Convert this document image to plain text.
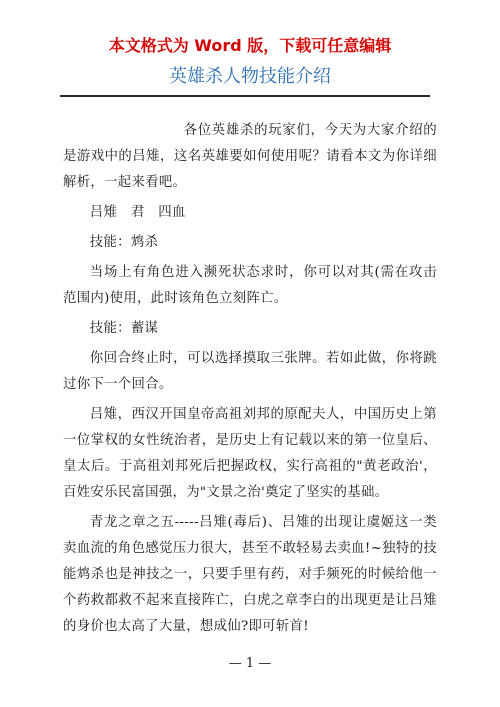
本文格式为 Word 版，下载可任意编辑
英雄杀人物技能介绍

各位英雄杀的玩家们，今天为大家介绍的是游戏中的吕雉，这名英雄要如何使用呢？请看本文为你详细解析，一起来看吧。

吕雉　君　四血

技能：鸩杀

当场上有角色进入濒死状态求时，你可以对其(需在攻击范围内)使用，此时该角色立刻阵亡。

技能：蓄谋

你回合终止时，可以选择摸取三张牌。若如此做，你将跳过你下一个回合。

吕雉，西汉开国皇帝高祖刘邦的原配夫人，中国历史上第一位掌权的女性统治者，是历史上有记载以来的第一位皇后、皇太后。于高祖刘邦死后把握政权，实行高祖的"黄老政治'，百姓安乐民富国强，为"文景之治'奠定了坚实的基础。

青龙之章之五-----吕雉(毒后)、吕雉的出现让虞姬这一类卖血流的角色感觉压力很大，甚至不敢轻易去卖血!~独特的技能鸩杀也是神技之一，只要手里有药，对手频死的时候给他一个药救都救不起来直接阵亡，白虎之章李白的出现更是让吕雉的身价也太高了大量，想成仙?即可斩首!

— 1 —
